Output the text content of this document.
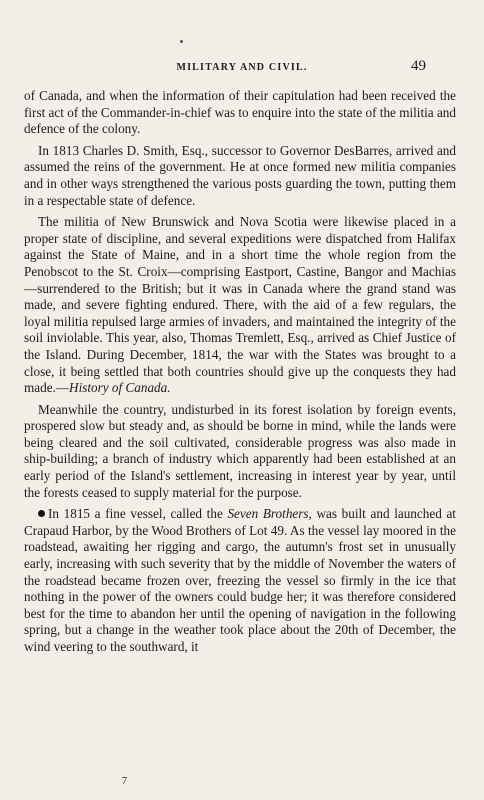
MILITARY AND CIVIL.	49

of Canada, and when the information of their capitulation had been received the first act of the Commander-in-chief was to enquire into the state of the militia and defence of the colony.

In 1813 Charles D. Smith, Esq., successor to Governor DesBarres, arrived and assumed the reins of the government. He at once formed new militia companies and in other ways strengthened the various posts guarding the town, putting them in a respectable state of defence.

The militia of New Brunswick and Nova Scotia were likewise placed in a proper state of discipline, and several expeditions were dispatched from Halifax against the State of Maine, and in a short time the whole region from the Penobscot to the St. Croix—comprising Eastport, Castine, Bangor and Machias—surrendered to the British; but it was in Canada where the grand stand was made, and severe fighting endured. There, with the aid of a few regulars, the loyal militia repulsed large armies of invaders, and maintained the integrity of the soil inviolable. This year, also, Thomas Tremlett, Esq., arrived as Chief Justice of the Island. During December, 1814, the war with the States was brought to a close, it being settled that both countries should give up the conquests they had made.—History of Canada.

Meanwhile the country, undisturbed in its forest isolation by foreign events, prospered slow but steady and, as should be borne in mind, while the lands were being cleared and the soil cultivated, considerable progress was also made in ship-building; a branch of industry which apparently had been established at an early period of the Island's settlement, increasing in interest year by year, until the forests ceased to supply material for the purpose.

In 1815 a fine vessel, called the Seven Brothers, was built and launched at Crapaud Harbor, by the Wood Brothers of Lot 49. As the vessel lay moored in the roadstead, awaiting her rigging and cargo, the autumn's frost set in unusually early, increasing with such severity that by the middle of November the waters of the roadstead became frozen over, freezing the vessel so firmly in the ice that nothing in the power of the owners could budge her; it was therefore considered best for the time to abandon her until the opening of navigation in the following spring, but a change in the weather took place about the 20th of December, the wind veering to the southward, it

7
